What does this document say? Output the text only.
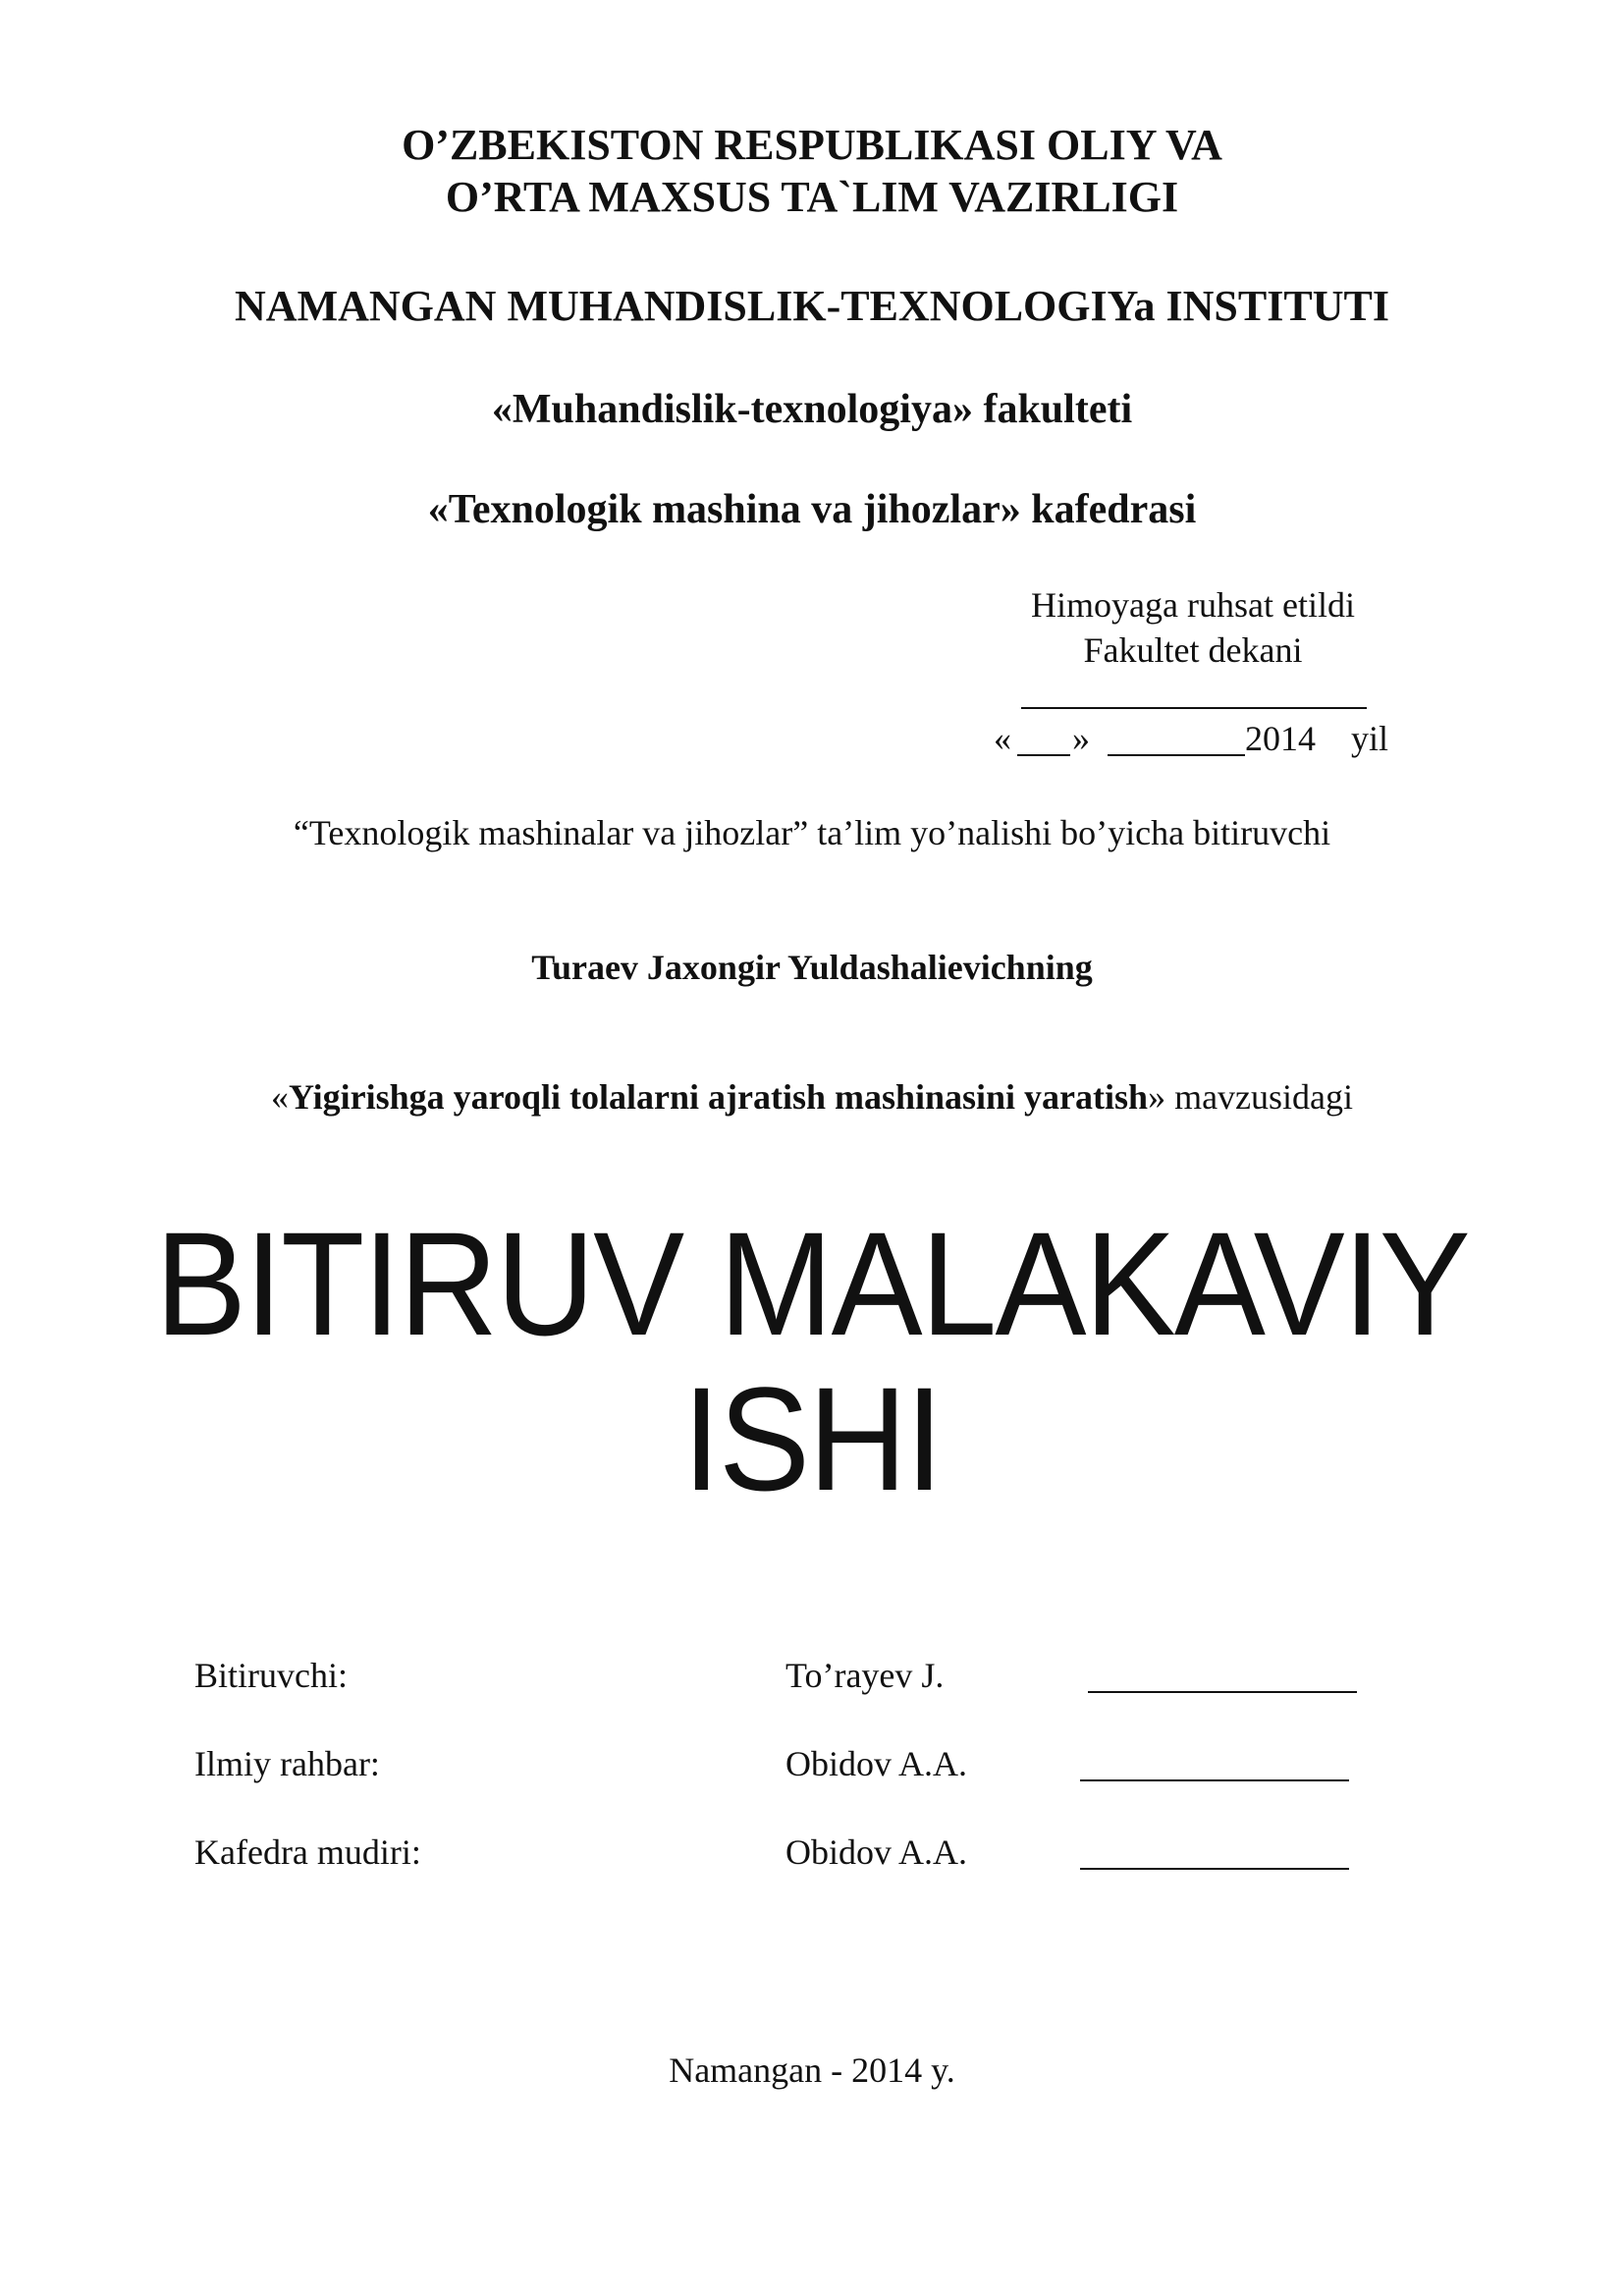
O’ZBEKISTON RESPUBLIKASI OLIY VA
O’RTA MAXSUS TA`LIM VAZIRLIGI
NAMANGAN MUHANDISLIK-TEXNOLOGIYa INSTITUTI
«Muhandislik-texnologiya» fakulteti
«Texnologik mashina va jihozlar» kafedrasi
Himoyaga ruhsat etildi
Fakultet dekani
« »	2014 yil
“Texnologik mashinalar va jihozlar” ta’lim yo’nalishi bo’yicha bitiruvchi
Turaev Jaxongir Yuldashalievichning
«Yigirishga yaroqli tolalarni ajratish mashinasini yaratish» mavzusidagi
BITIRUV MALAKAVIY
ISHI
Bitiruvchi:	To’rayev J.
Ilmiy rahbar:	Obidov A.A.
Kafedra mudiri:	Obidov A.A.
Namangan - 2014 y.
